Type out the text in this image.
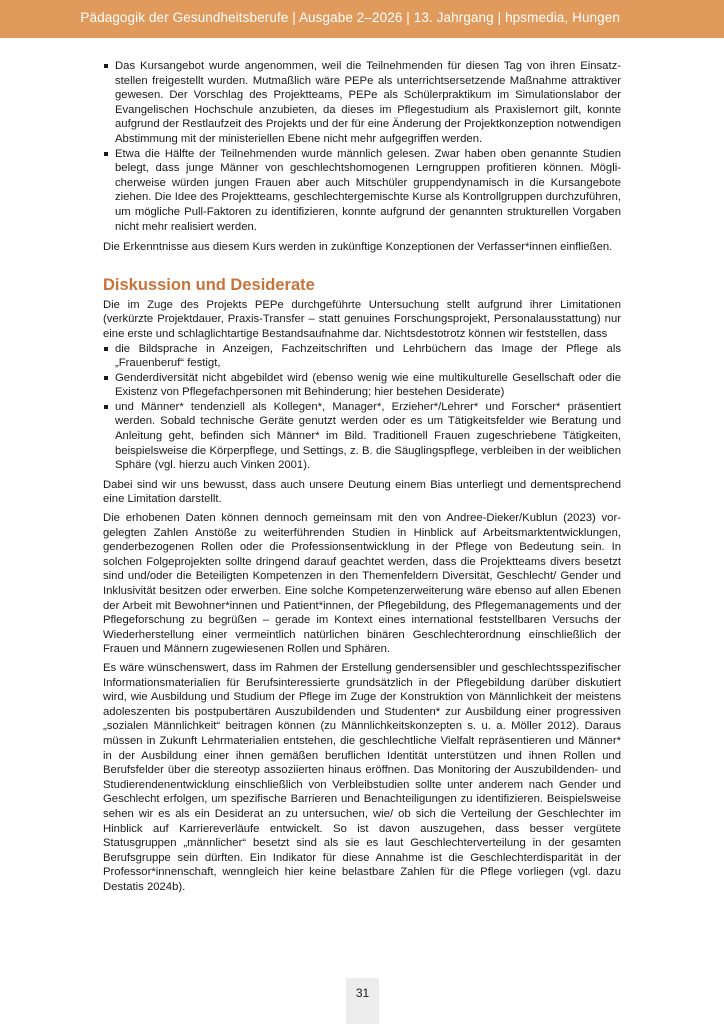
Pädagogik der Gesundheitsberufe | Ausgabe 2–2026 | 13. Jahrgang | hpsmedia, Hungen
Das Kursangebot wurde angenommen, weil die Teilnehmenden für diesen Tag von ihren Einsatzstellen freigestellt wurden. Mutmaßlich wäre PEPe als unterrichtsersetzende Maßnahme attraktiver gewesen. Der Vorschlag des Projektteams, PEPe als Schülerpraktikum im Simulationslabor der Evangelischen Hochschule anzubieten, da dieses im Pflegestudium als Praxislernort gilt, konnte aufgrund der Restlaufzeit des Projekts und der für eine Änderung der Projektkonzeption notwendigen Abstimmung mit der ministeriellen Ebene nicht mehr aufgegriffen werden.
Etwa die Hälfte der Teilnehmenden wurde männlich gelesen. Zwar haben oben genannte Studien belegt, dass junge Männer von geschlechtshomogenen Lerngruppen profitieren können. Möglicherweise würden jungen Frauen aber auch Mitschüler gruppendynamisch in die Kursangebote ziehen. Die Idee des Projektteams, geschlechtergemischte Kurse als Kontrollgruppen durchzuführen, um mögliche Pull-Faktoren zu identifizieren, konnte aufgrund der genannten strukturellen Vorgaben nicht mehr realisiert werden.

Die Erkenntnisse aus diesem Kurs werden in zukünftige Konzeptionen der Verfasser*innen einfließen.

Diskussion und Desiderate

Die im Zuge des Projekts PEPe durchgeführte Untersuchung stellt aufgrund ihrer Limitationen (verkürzte Projektdauer, Praxis-Transfer – statt genuines Forschungsprojekt, Personalausstattung) nur eine erste und schlaglichtartige Bestandsaufnahme dar. Nichtsdestotrotz können wir feststellen, dass

die Bildsprache in Anzeigen, Fachzeitschriften und Lehrbüchern das Image der Pflege als „Frauenberuf“ festigt,
Genderdiversität nicht abgebildet wird (ebenso wenig wie eine multikulturelle Gesellschaft oder die Existenz von Pflegefachpersonen mit Behinderung; hier bestehen Desiderate)
und Männer* tendenziell als Kollegen*, Manager*, Erzieher*/Lehrer* und Forscher* präsentiert werden. Sobald technische Geräte genutzt werden oder es um Tätigkeitsfelder wie Beratung und Anleitung geht, befinden sich Männer* im Bild. Traditionell Frauen zugeschriebene Tätigkeiten, beispielsweise die Körperpflege, und Settings, z. B. die Säuglingspflege, verbleiben in der weiblichen Sphäre (vgl. hierzu auch Vinken 2001).

Dabei sind wir uns bewusst, dass auch unsere Deutung einem Bias unterliegt und dementsprechend eine Limitation darstellt.

Die erhobenen Daten können dennoch gemeinsam mit den von Andree-Dieker/Kublun (2023) vorgelegten Zahlen Anstöße zu weiterführenden Studien in Hinblick auf Arbeitsmarktentwicklungen, genderbezogenen Rollen oder die Professionsentwicklung in der Pflege von Bedeutung sein. In solchen Folgeprojekten sollte dringend darauf geachtet werden, dass die Projektteams divers besetzt sind und/oder die Beteiligten Kompetenzen in den Themenfeldern Diversität, Geschlecht/ Gender und Inklusivität besitzen oder erwerben. Eine solche Kompetenzerweiterung wäre ebenso auf allen Ebenen der Arbeit mit Bewohner*innen und Patient*innen, der Pflegebildung, des Pflegemanagements und der Pflegeforschung zu begrüßen – gerade im Kontext eines international feststellbaren Versuchs der Wiederherstellung einer vermeintlich natürlichen binären Geschlechterordnung einschließlich der Frauen und Männern zugewiesenen Rollen und Sphären.

Es wäre wünschenswert, dass im Rahmen der Erstellung gendersensibler und geschlechtsspezifischer Informationsmaterialien für Berufsinteressierte grundsätzlich in der Pflegebildung darüber diskutiert wird, wie Ausbildung und Studium der Pflege im Zuge der Konstruktion von Männlichkeit der meistens adoleszenten bis postpubertären Auszubildenden und Studenten* zur Ausbildung einer progressiven „sozialen Männlichkeit“ beitragen können (zu Männlichkeitskonzepten s. u. a. Möller 2012). Daraus müssen in Zukunft Lehrmaterialien entstehen, die geschlechtliche Vielfalt repräsentieren und Männer* in der Ausbildung einer ihnen gemäßen beruflichen Identität unterstützen und ihnen Rollen und Berufsfelder über die stereotyp assoziierten hinaus eröffnen. Das Monitoring der Auszubildenden- und Studierendenentwicklung einschließlich von Verbleibstudien sollte unter anderem nach Gender und Geschlecht erfolgen, um spezifische Barrieren und Benachteiligungen zu identifizieren. Beispielsweise sehen wir es als ein Desiderat an zu untersuchen, wie/ ob sich die Verteilung der Geschlechter im Hinblick auf Karriereverläufe entwickelt. So ist davon auszugehen, dass besser vergütete Statusgruppen „männlicher“ besetzt sind als sie es laut Geschlechterverteilung in der gesamten Berufsgruppe sein dürften. Ein Indikator für diese Annahme ist die Geschlechterdisparität in der Professor*innenschaft, wenngleich hier keine belastbare Zahlen für die Pflege vorliegen (vgl. dazu Destatis 2024b).

31
